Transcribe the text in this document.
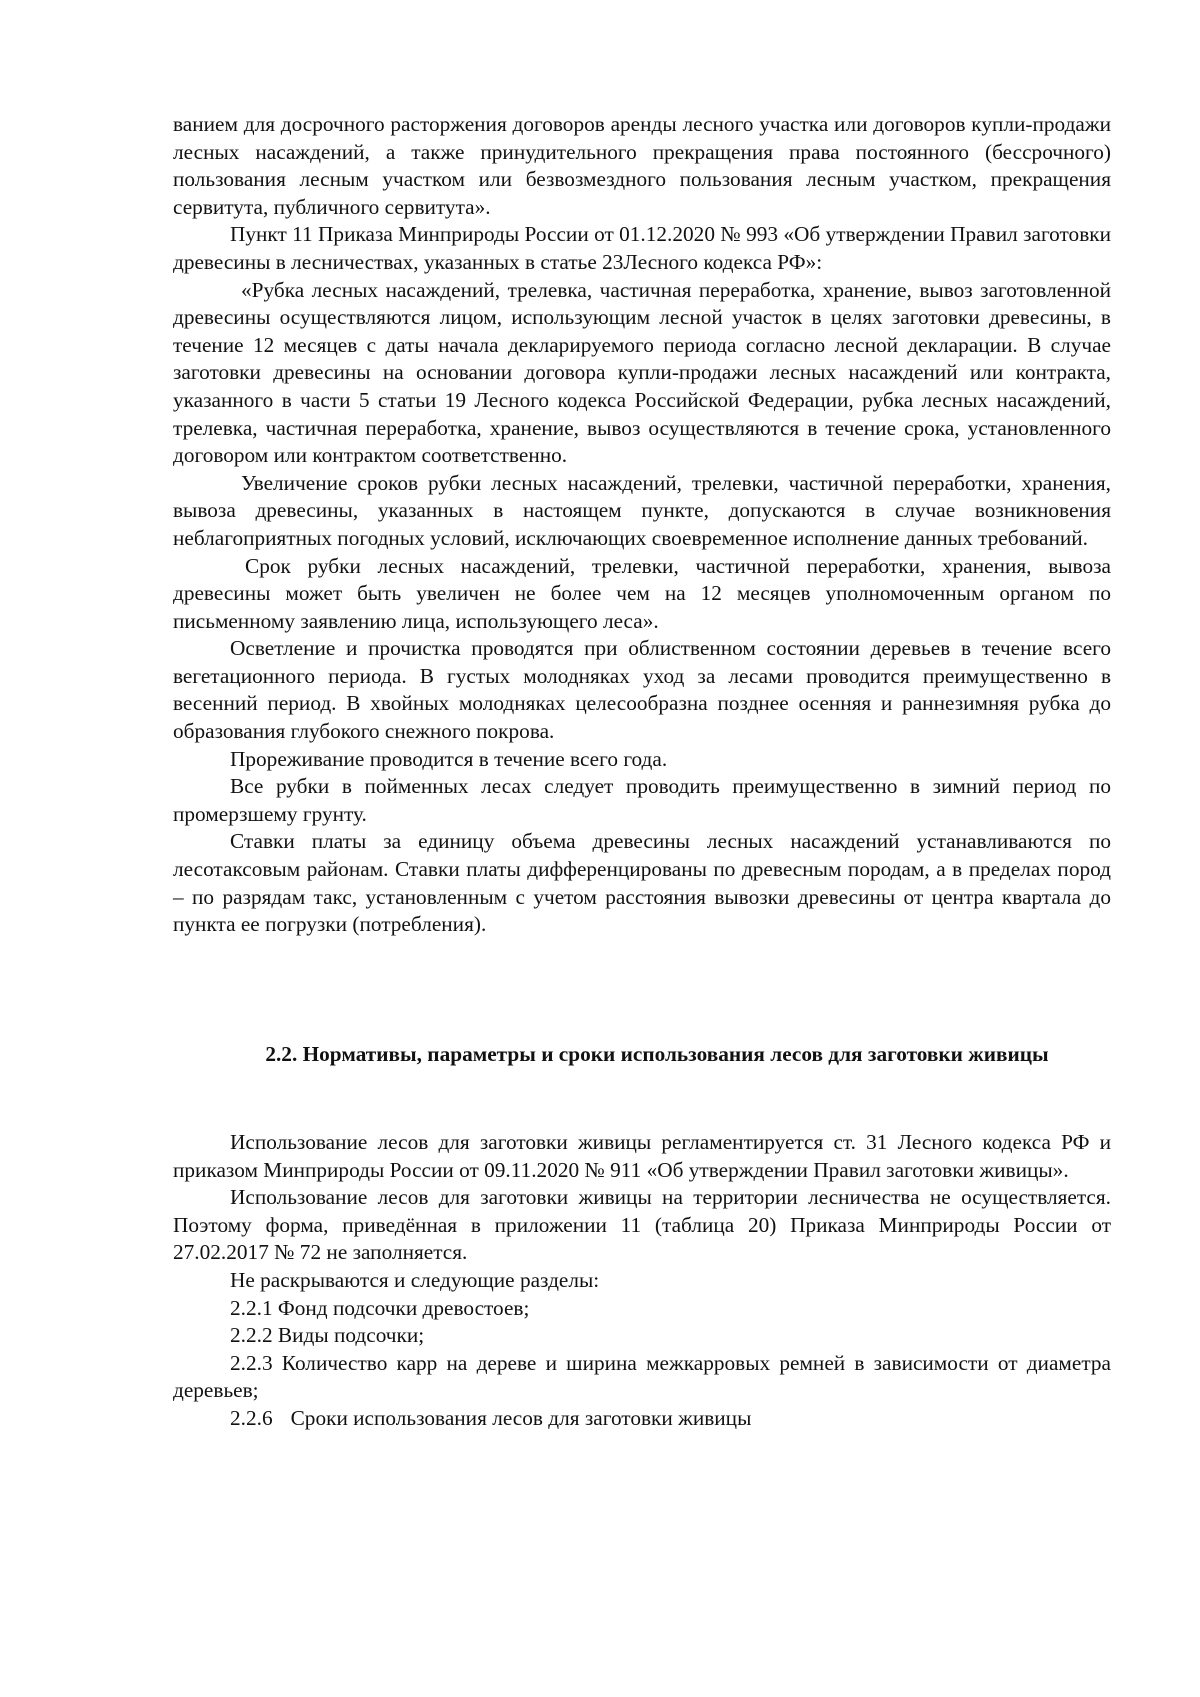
ванием для досрочного расторжения договоров аренды лесного участка или договоров купли-продажи лесных насаждений, а также принудительного прекращения права постоянного (бессрочного) пользования лесным участком или безвозмездного пользования лесным участком, прекращения сервитута, публичного сервитута».

Пункт 11 Приказа Минприроды России от 01.12.2020 № 993 «Об утверждении Правил заготовки древесины в лесничествах, указанных в статье 23Лесного кодекса РФ»:

«Рубка лесных насаждений, трелевка, частичная переработка, хранение, вывоз заготовленной древесины осуществляются лицом, использующим лесной участок в целях заготовки древесины, в течение 12 месяцев с даты начала декларируемого периода согласно лесной декларации. В случае заготовки древесины на основании договора купли-продажи лесных насаждений или контракта, указанного в части 5 статьи 19 Лесного кодекса Российской Федерации, рубка лесных насаждений, трелевка, частичная переработка, хранение, вывоз осуществляются в течение срока, установленного договором или контрактом соответственно.

Увеличение сроков рубки лесных насаждений, трелевки, частичной переработки, хранения, вывоза древесины, указанных в настоящем пункте, допускаются в случае возникновения неблагоприятных погодных условий, исключающих своевременное исполнение данных требований.

Срок рубки лесных насаждений, трелевки, частичной переработки, хранения, вывоза древесины может быть увеличен не более чем на 12 месяцев уполномоченным органом по письменному заявлению лица, использующего леса».

Осветление и прочистка проводятся при облиственном состоянии деревьев в течение всего вегетационного периода. В густых молодняках уход за лесами проводится преимущественно в весенний период. В хвойных молодняках целесообразна позднее осенняя и раннезимняя рубка до образования глубокого снежного покрова.

Прореживание проводится в течение всего года.

Все рубки в пойменных лесах следует проводить преимущественно в зимний период по промерзшему грунту.

Ставки платы за единицу объема древесины лесных насаждений устанавливаются по лесотаксовым районам. Ставки платы дифференцированы по древесным породам, а в пределах пород – по разрядам такс, установленным с учетом расстояния вывозки древесины от центра квартала до пункта ее погрузки (потребления).

2.2. Нормативы, параметры и сроки использования лесов для заготовки живицы

Использование лесов для заготовки живицы регламентируется ст. 31 Лесного кодекса РФ и приказом Минприроды России от 09.11.2020 № 911 «Об утверждении Правил заготовки живицы».

Использование лесов для заготовки живицы на территории лесничества не осуществляется. Поэтому форма, приведённая в приложении 11 (таблица 20) Приказа Минприроды России от 27.02.2017 № 72 не заполняется.

Не раскрываются и следующие разделы:

2.2.1 Фонд подсочки древостоев;

2.2.2 Виды подсочки;

2.2.3 Количество карр на дереве и ширина межкарровых ремней в зависимости от диаметра деревьев;

2.2.6 Сроки использования лесов для заготовки живицы
